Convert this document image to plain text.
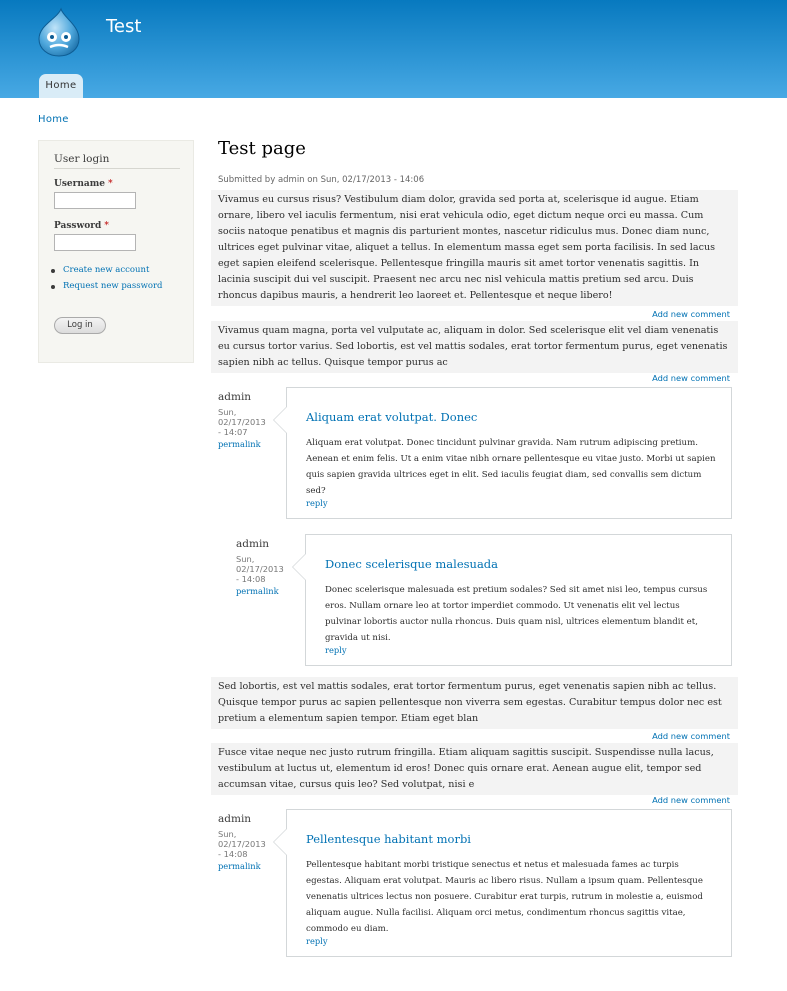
Test
Home
Home
User login
Username *
Password *
Create new account
Request new password
Log in
Test page
Submitted by admin on Sun, 02/17/2013 - 14:06
Vivamus eu cursus risus? Vestibulum diam dolor, gravida sed porta at, scelerisque id augue. Etiam ornare, libero vel iaculis fermentum, nisi erat vehicula odio, eget dictum neque orci eu massa. Cum sociis natoque penatibus et magnis dis parturient montes, nascetur ridiculus mus. Donec diam nunc, ultrices eget pulvinar vitae, aliquet a tellus. In elementum massa eget sem porta facilisis. In sed lacus eget sapien eleifend scelerisque. Pellentesque fringilla mauris sit amet tortor venenatis sagittis. In lacinia suscipit dui vel suscipit. Praesent nec arcu nec nisl vehicula mattis pretium sed arcu. Duis rhoncus dapibus mauris, a hendrerit leo laoreet et. Pellentesque et neque libero!
Add new comment
Vivamus quam magna, porta vel vulputate ac, aliquam in dolor. Sed scelerisque elit vel diam venenatis eu cursus tortor varius. Sed lobortis, est vel mattis sodales, erat tortor fermentum purus, eget venenatis sapien nibh ac tellus. Quisque tempor purus ac
Add new comment
admin
Sun, 02/17/2013 - 14:07
permalink
Aliquam erat volutpat. Donec
Aliquam erat volutpat. Donec tincidunt pulvinar gravida. Nam rutrum adipiscing pretium. Aenean et enim felis. Ut a enim vitae nibh ornare pellentesque eu vitae justo. Morbi ut sapien quis sapien gravida ultrices eget in elit. Sed iaculis feugiat diam, sed convallis sem dictum sed?
reply
admin
Sun, 02/17/2013 - 14:08
permalink
Donec scelerisque malesuada
Donec scelerisque malesuada est pretium sodales? Sed sit amet nisi leo, tempus cursus eros. Nullam ornare leo at tortor imperdiet commodo. Ut venenatis elit vel lectus pulvinar lobortis auctor nulla rhoncus. Duis quam nisl, ultrices elementum blandit et, gravida ut nisi.
reply
Sed lobortis, est vel mattis sodales, erat tortor fermentum purus, eget venenatis sapien nibh ac tellus. Quisque tempor purus ac sapien pellentesque non viverra sem egestas. Curabitur tempus dolor nec est pretium a elementum sapien tempor. Etiam eget blan
Add new comment
Fusce vitae neque nec justo rutrum fringilla. Etiam aliquam sagittis suscipit. Suspendisse nulla lacus, vestibulum at luctus ut, elementum id eros! Donec quis ornare erat. Aenean augue elit, tempor sed accumsan vitae, cursus quis leo? Sed volutpat, nisi e
Add new comment
admin
Sun, 02/17/2013 - 14:08
permalink
Pellentesque habitant morbi
Pellentesque habitant morbi tristique senectus et netus et malesuada fames ac turpis egestas. Aliquam erat volutpat. Mauris ac libero risus. Nullam a ipsum quam. Pellentesque venenatis ultrices lectus non posuere. Curabitur erat turpis, rutrum in molestie a, euismod aliquam augue. Nulla facilisi. Aliquam orci metus, condimentum rhoncus sagittis vitae, commodo eu diam.
reply
